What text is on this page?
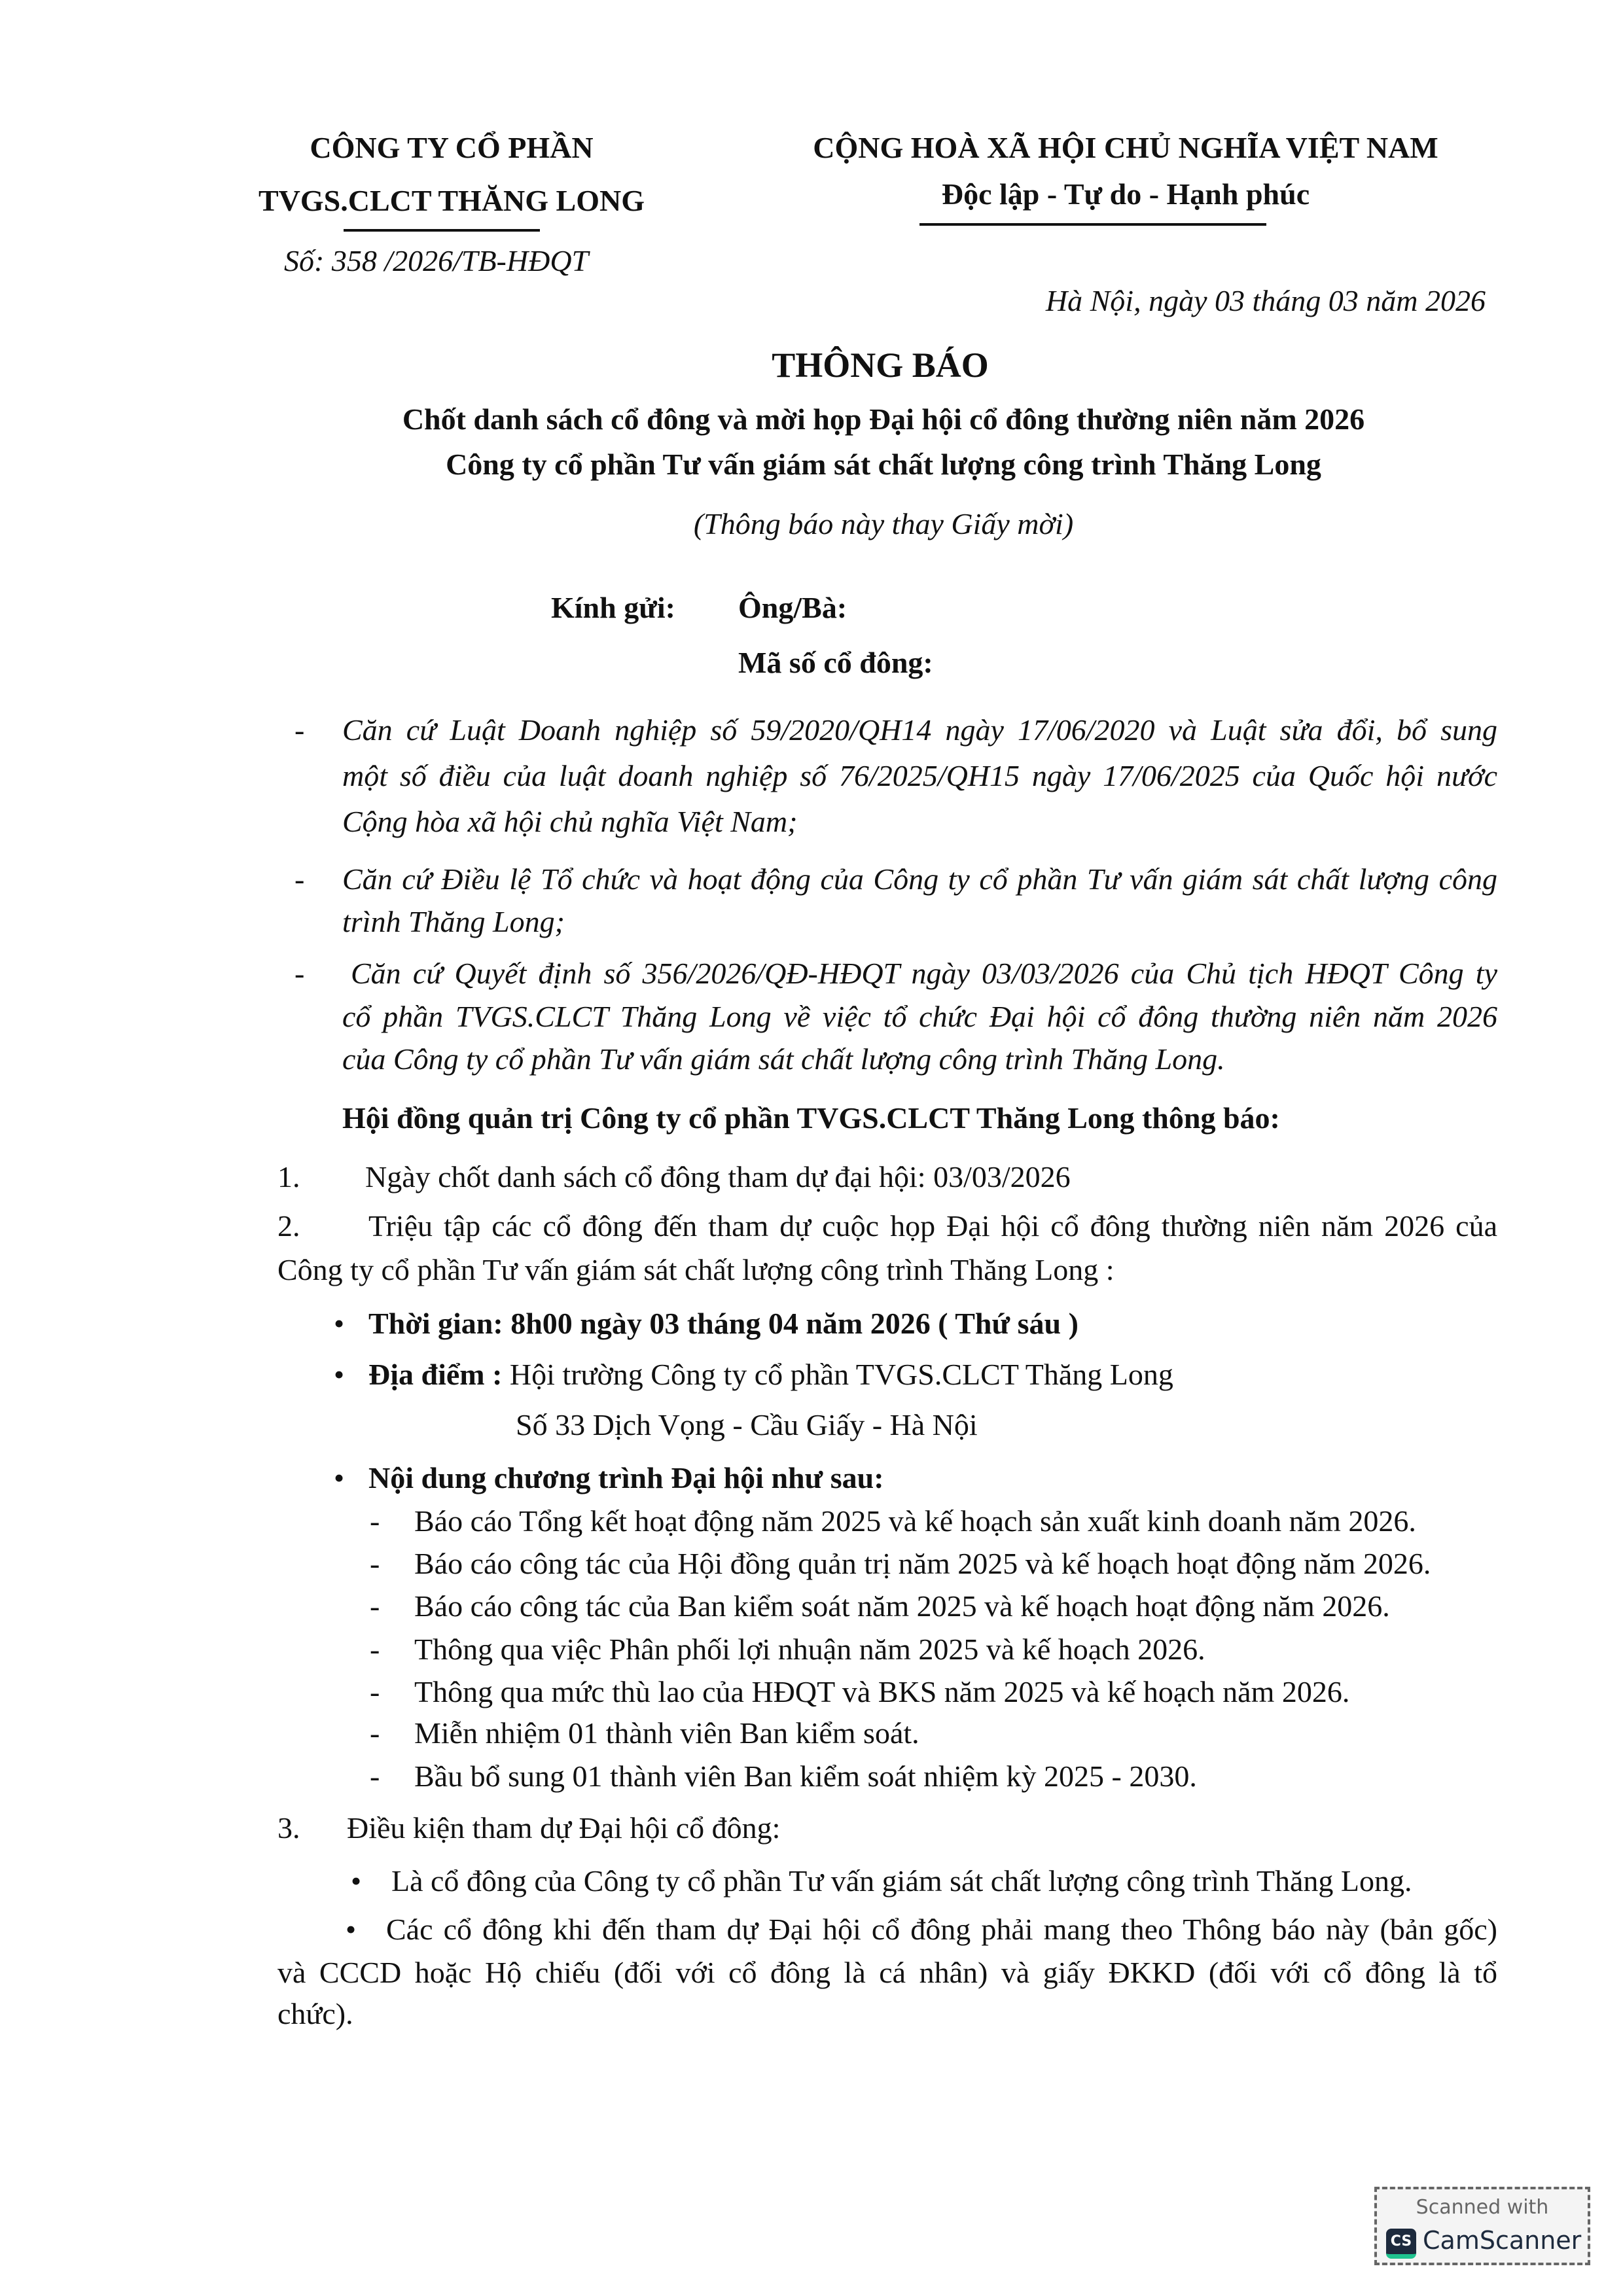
CÔNG TY CỔ PHẦN
TVGS.CLCT THĂNG LONG
Số: 358 /2026/TB-HĐQT
CỘNG HOÀ XÃ HỘI CHỦ NGHĨA VIỆT NAM
Độc lập - Tự do - Hạnh phúc
Hà Nội, ngày 03 tháng 03 năm 2026
THÔNG BÁO
Chốt danh sách cổ đông và mời họp Đại hội cổ đông thường niên năm 2026
Công ty cổ phần Tư vấn giám sát chất lượng công trình Thăng Long
(Thông báo này thay Giấy mời)
Kính gửi: Ông/Bà:
Mã số cổ đông:
- Căn cứ Luật Doanh nghiệp số 59/2020/QH14 ngày 17/06/2020 và Luật sửa đổi, bổ sung
một số điều của luật doanh nghiệp số 76/2025/QH15 ngày 17/06/2025 của Quốc hội nước
Cộng hòa xã hội chủ nghĩa Việt Nam;
- Căn cứ Điều lệ Tổ chức và hoạt động của Công ty cổ phần Tư vấn giám sát chất lượng công
trình Thăng Long;
- Căn cứ Quyết định số 356/2026/QĐ-HĐQT ngày 03/03/2026 của Chủ tịch HĐQT Công ty
cổ phần TVGS.CLCT Thăng Long về việc tổ chức Đại hội cổ đông thường niên năm 2026
của Công ty cổ phần Tư vấn giám sát chất lượng công trình Thăng Long.
Hội đồng quản trị Công ty cổ phần TVGS.CLCT Thăng Long thông báo:
1. Ngày chốt danh sách cổ đông tham dự đại hội: 03/03/2026
2. Triệu tập các cổ đông đến tham dự cuộc họp Đại hội cổ đông thường niên năm 2026 của
Công ty cổ phần Tư vấn giám sát chất lượng công trình Thăng Long :
• Thời gian: 8h00 ngày 03 tháng 04 năm 2026 ( Thứ sáu )
• Địa điểm : Hội trường Công ty cổ phần TVGS.CLCT Thăng Long
Số 33 Dịch Vọng - Cầu Giấy - Hà Nội
• Nội dung chương trình Đại hội như sau:
- Báo cáo Tổng kết hoạt động năm 2025 và kế hoạch sản xuất kinh doanh năm 2026.
- Báo cáo công tác của Hội đồng quản trị năm 2025 và kế hoạch hoạt động năm 2026.
- Báo cáo công tác của Ban kiểm soát năm 2025 và kế hoạch hoạt động năm 2026.
- Thông qua việc Phân phối lợi nhuận năm 2025 và kế hoạch 2026.
- Thông qua mức thù lao của HĐQT và BKS năm 2025 và kế hoạch năm 2026.
- Miễn nhiệm 01 thành viên Ban kiểm soát.
- Bầu bổ sung 01 thành viên Ban kiểm soát nhiệm kỳ 2025 - 2030.
3. Điều kiện tham dự Đại hội cổ đông:
• Là cổ đông của Công ty cổ phần Tư vấn giám sát chất lượng công trình Thăng Long.
• Các cổ đông khi đến tham dự Đại hội cổ đông phải mang theo Thông báo này (bản gốc)
và CCCD hoặc Hộ chiếu (đối với cổ đông là cá nhân) và giấy ĐKKD (đối với cổ đông là tổ
chức).
Scanned with
CS CamScanner
